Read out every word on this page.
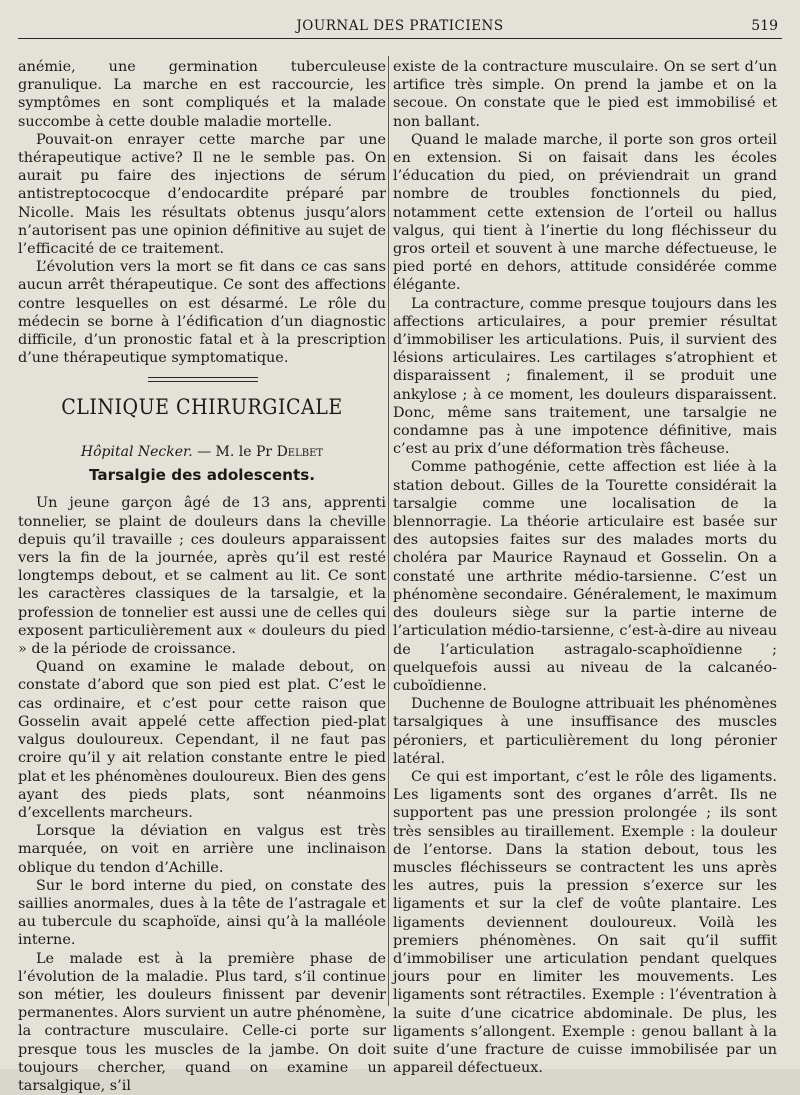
JOURNAL DES PRATICIENS	519

anémie, une germination tuberculeuse granulique. La marche en est raccourcie, les symptômes en sont compliqués et la malade succombe à cette double maladie mortelle.

Pouvait-on enrayer cette marche par une thérapeutique active? Il ne le semble pas. On aurait pu faire des injections de sérum antistreptococque d’endocardite préparé par Nicolle. Mais les résultats obtenus jusqu’alors n’autorisent pas une opinion définitive au sujet de l’efficacité de ce traitement.

L’évolution vers la mort se fit dans ce cas sans aucun arrêt thérapeutique. Ce sont des affections contre lesquelles on est désarmé. Le rôle du médecin se borne à l’édification d’un diagnostic difficile, d’un pronostic fatal et à la prescription d’une thérapeutique symptomatique.

CLINIQUE CHIRURGICALE
Hôpital Necker. — M. le Pr Delbet
Tarsalgie des adolescents.

Un jeune garçon âgé de 13 ans, apprenti tonnelier, se plaint de douleurs dans la cheville depuis qu’il travaille ; ces douleurs apparaissent vers la fin de la journée, après qu’il est resté longtemps debout, et se calment au lit. Ce sont les caractères classiques de la tarsalgie, et la profession de tonnelier est aussi une de celles qui exposent particulièrement aux « douleurs du pied » de la période de croissance.

Quand on examine le malade debout, on constate d’abord que son pied est plat. C’est le cas ordinaire, et c’est pour cette raison que Gosselin avait appelé cette affection pied-plat valgus douloureux. Cependant, il ne faut pas croire qu’il y ait relation constante entre le pied plat et les phénomènes douloureux. Bien des gens ayant des pieds plats, sont néanmoins d’excellents marcheurs.

Lorsque la déviation en valgus est très marquée, on voit en arrière une inclinaison oblique du tendon d’Achille.

Sur le bord interne du pied, on constate des saillies anormales, dues à la tête de l’astragale et au tubercule du scaphoïde, ainsi qu’à la malléole interne.

Le malade est à la première phase de l’évolution de la maladie. Plus tard, s’il continue son métier, les douleurs finissent par devenir permanentes. Alors survient un autre phénomène, la contracture musculaire. Celle-ci porte sur presque tous les muscles de la jambe. On doit toujours chercher, quand on examine un tarsalgique, s’il

existe de la contracture musculaire. On se sert d’un artifice très simple. On prend la jambe et on la secoue. On constate que le pied est immobilisé et non ballant.

Quand le malade marche, il porte son gros orteil en extension. Si on faisait dans les écoles l’éducation du pied, on préviendrait un grand nombre de troubles fonctionnels du pied, notamment cette extension de l’orteil ou hallus valgus, qui tient à l’inertie du long fléchisseur du gros orteil et souvent à une marche défectueuse, le pied porté en dehors, attitude considérée comme élégante.

La contracture, comme presque toujours dans les affections articulaires, a pour premier résultat d’immobiliser les articulations. Puis, il survient des lésions articulaires. Les cartilages s’atrophient et disparaissent ; finalement, il se produit une ankylose ; à ce moment, les douleurs disparaissent. Donc, même sans traitement, une tarsalgie ne condamne pas à une impotence définitive, mais c’est au prix d’une déformation très fâcheuse.

Comme pathogénie, cette affection est liée à la station debout. Gilles de la Tourette considérait la tarsalgie comme une localisation de la blennorragie. La théorie articulaire est basée sur des autopsies faites sur des malades morts du choléra par Maurice Raynaud et Gosselin. On a constaté une arthrite médio-tarsienne. C’est un phénomène secondaire. Généralement, le maximum des douleurs siège sur la partie interne de l’articulation médio-tarsienne, c’est-à-dire au niveau de l’articulation astragalo-scaphoïdienne ; quelquefois aussi au niveau de la calcanéo-cuboïdienne.

Duchenne de Boulogne attribuait les phénomènes tarsalgiques à une insuffisance des muscles péroniers, et particulièrement du long péronier latéral.

Ce qui est important, c’est le rôle des ligaments. Les ligaments sont des organes d’arrêt. Ils ne supportent pas une pression prolongée ; ils sont très sensibles au tiraillement. Exemple : la douleur de l’entorse. Dans la station debout, tous les muscles fléchisseurs se contractent les uns après les autres, puis la pression s’exerce sur les ligaments et sur la clef de voûte plantaire. Les ligaments deviennent douloureux. Voilà les premiers phénomènes. On sait qu’il suffit d’immobiliser une articulation pendant quelques jours pour en limiter les mouvements. Les ligaments sont rétractiles. Exemple : l’éventration à la suite d’une cicatrice abdominale. De plus, les ligaments s’allongent. Exemple : genou ballant à la suite d’une fracture de cuisse immobilisée par un appareil défectueux.
